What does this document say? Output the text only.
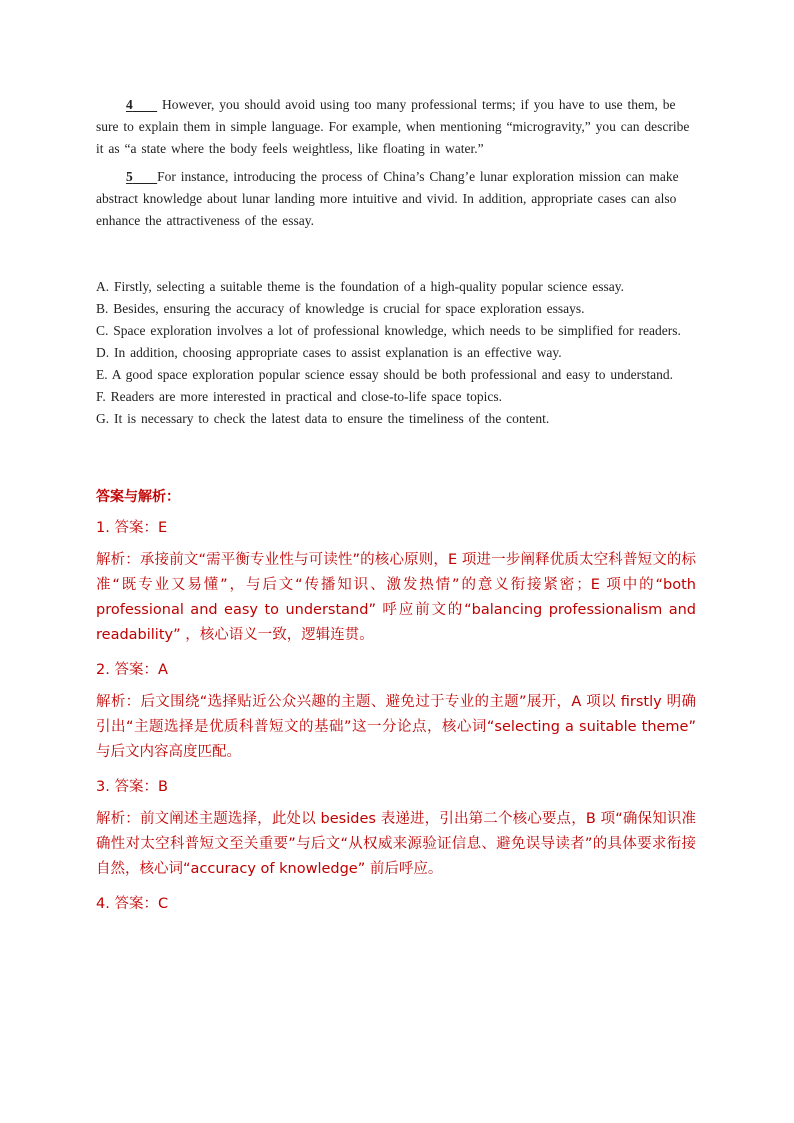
4 However, you should avoid using too many professional terms; if you have to use them, be sure to explain them in simple language. For example, when mentioning “microgravity,” you can describe it as “a state where the body feels weightless, like floating in water.”

5 For instance, introducing the process of China’s Chang’e lunar exploration mission can make abstract knowledge about lunar landing more intuitive and vivid. In addition, appropriate cases can also enhance the attractiveness of the essay.

A. Firstly, selecting a suitable theme is the foundation of a high-quality popular science essay.

B. Besides, ensuring the accuracy of knowledge is crucial for space exploration essays.

C. Space exploration involves a lot of professional knowledge, which needs to be simplified for readers.

D. In addition, choosing appropriate cases to assist explanation is an effective way.

E. A good space exploration popular science essay should be both professional and easy to understand.

F. Readers are more interested in practical and close-to-life space topics.

G. It is necessary to check the latest data to ensure the timeliness of the content.

答案与解析：

1. 答案：E

解析：承接前文“需平衡专业性与可读性”的核心原则，E 项进一步阐释优质太空科普短文的标准“既专业又易懂”，与后文“传播知识、激发热情”的意义衔接紧密；E 项中的“both professional and easy to understand” 呼应前文的“balancing professionalism and readability” ，核心语义一致，逻辑连贯。

2. 答案：A

解析：后文围绕“选择贴近公众兴趣的主题、避免过于专业的主题”展开，A 项以 firstly 明确引出“主题选择是优质科普短文的基础”这一分论点，核心词“selecting a suitable theme” 与后文内容高度匹配。

3. 答案：B

解析：前文阐述主题选择，此处以 besides 表递进，引出第二个核心要点，B 项“确保知识准确性对太空科普短文至关重要”与后文“从权威来源验证信息、避免误导读者”的具体要求衔接自然，核心词“accuracy of knowledge” 前后呼应。

4. 答案：C
